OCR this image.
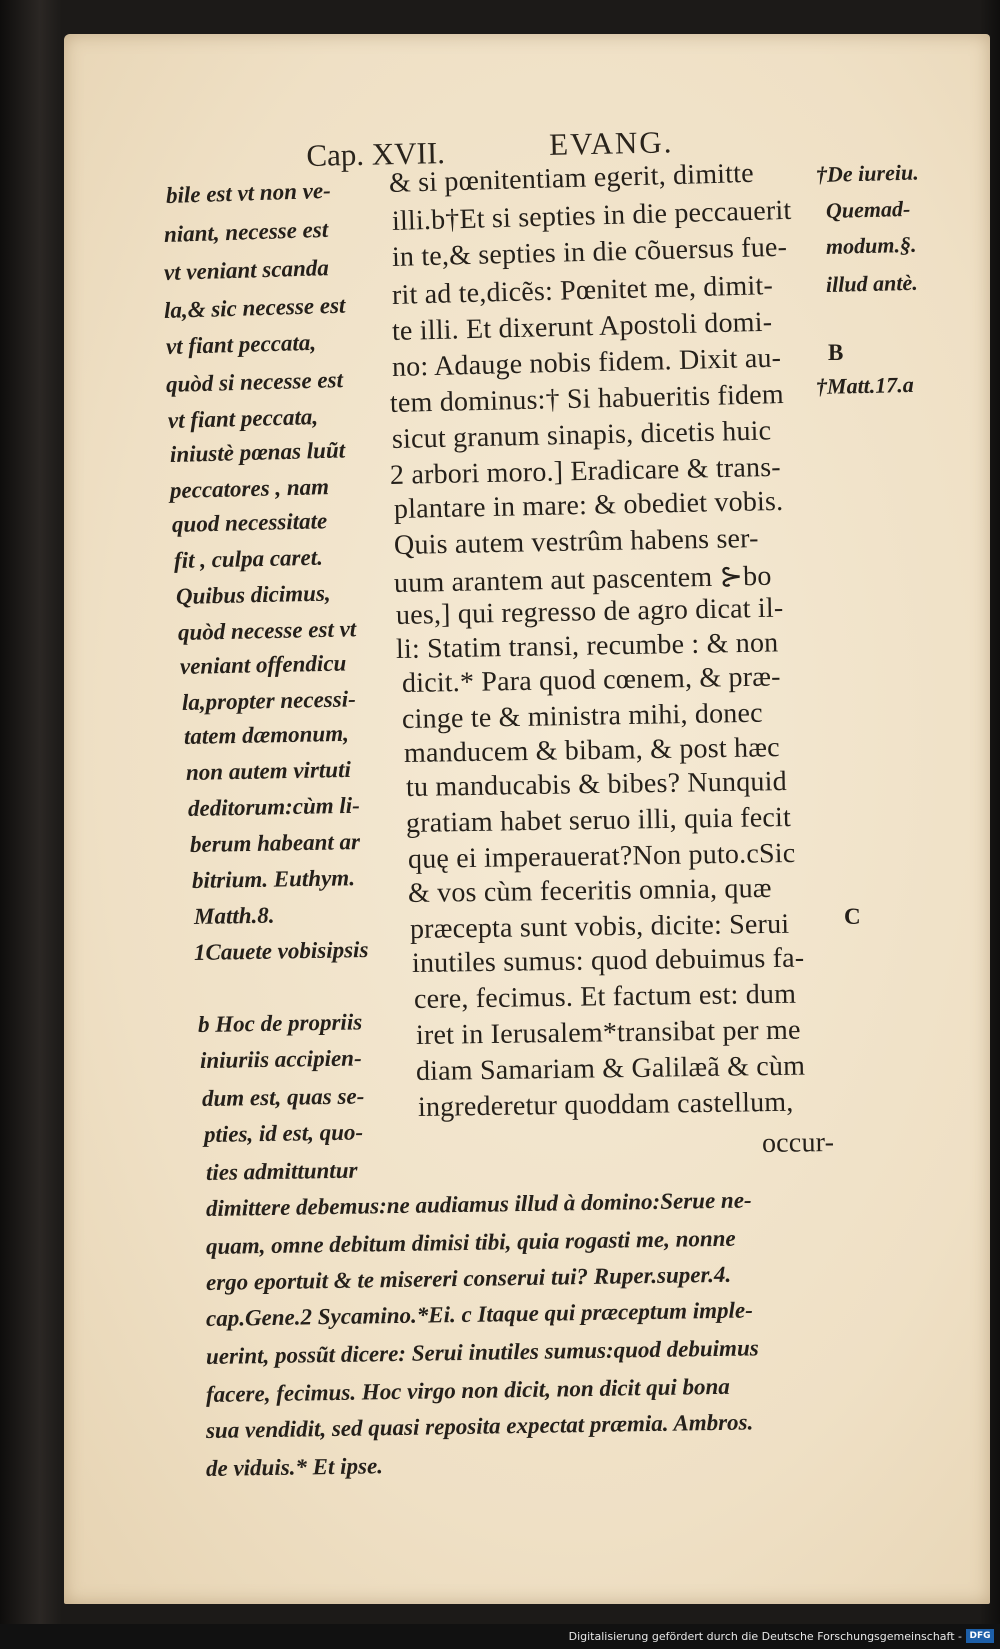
Cap. XVII.	EVANG.
& si pœnitentiam egerit, dimitte
illi.b†Et si septies in die peccauerit
in te,& septies in die cõuersus fue-
rit ad te,dicẽs: Pœnitet me, dimit-
te illi. Et dixerunt Apostoli domi-
no: Adauge nobis fidem. Dixit au-
tem dominus:† Si habueritis fidem
sicut granum sinapis, dicetis huic
2 arbori moro.] Eradicare & trans-
plantare in mare: & obediet vobis.
Quis autem vestrûm habens ser-
uum arantem aut pascentem ⊱bo
ues,] qui regresso de agro dicat il-
li: Statim transi, recumbe : & non
dicit.* Para quod cœnem, & præ-
cinge te & ministra mihi, donec
manducem & bibam, & post hæc
tu manducabis & bibes? Nunquid
gratiam habet seruo illi, quia fecit
quę ei imperauerat?Non puto.cSic
& vos cùm feceritis omnia, quæ
præcepta sunt vobis, dicite: Serui
inutiles sumus: quod debuimus fa-
cere, fecimus. Et factum est: dum
iret in Ierusalem*transibat per me
diam Samariam & Galilæã & cùm
ingrederetur quoddam castellum,
occur-
bile est vt non ve-
niant, necesse est
vt veniant scanda
la,& sic necesse est
vt fiant peccata,
quòd si necesse est
vt fiant peccata,
iniustè pœnas luũt
peccatores , nam
quod necessitate
fit , culpa caret.
Quibus dicimus,
quòd necesse est vt
veniant offendicu
la,propter necessi-
tatem dæmonum,
non autem virtuti
deditorum:cùm li-
berum habeant ar
bitrium. Euthym.
Matth.8.
1Cauete vobisipsis
b Hoc de propriis
iniuriis accipien-
dum est, quas se-
pties, id est, quo-
ties admittuntur
dimittere debemus:ne audiamus illud à domino:Serue ne-
quam, omne debitum dimisi tibi, quia rogasti me, nonne
ergo eportuit & te misereri conserui tui? Ruper.super.4.
cap.Gene.2 Sycamino.*Ei. c Itaque qui præceptum imple-
uerint, possũt dicere: Serui inutiles sumus:quod debuimus
facere, fecimus. Hoc virgo non dicit, non dicit qui bona
sua vendidit, sed quasi reposita expectat præmia. Ambros.
de viduis.* Et ipse.
†De iureiu.
Quemad-
modum.§.
illud antè.
B
†Matt.17.a
C
Digitalisierung gefördert durch die Deutsche Forschungsgemeinschaft - DFG
